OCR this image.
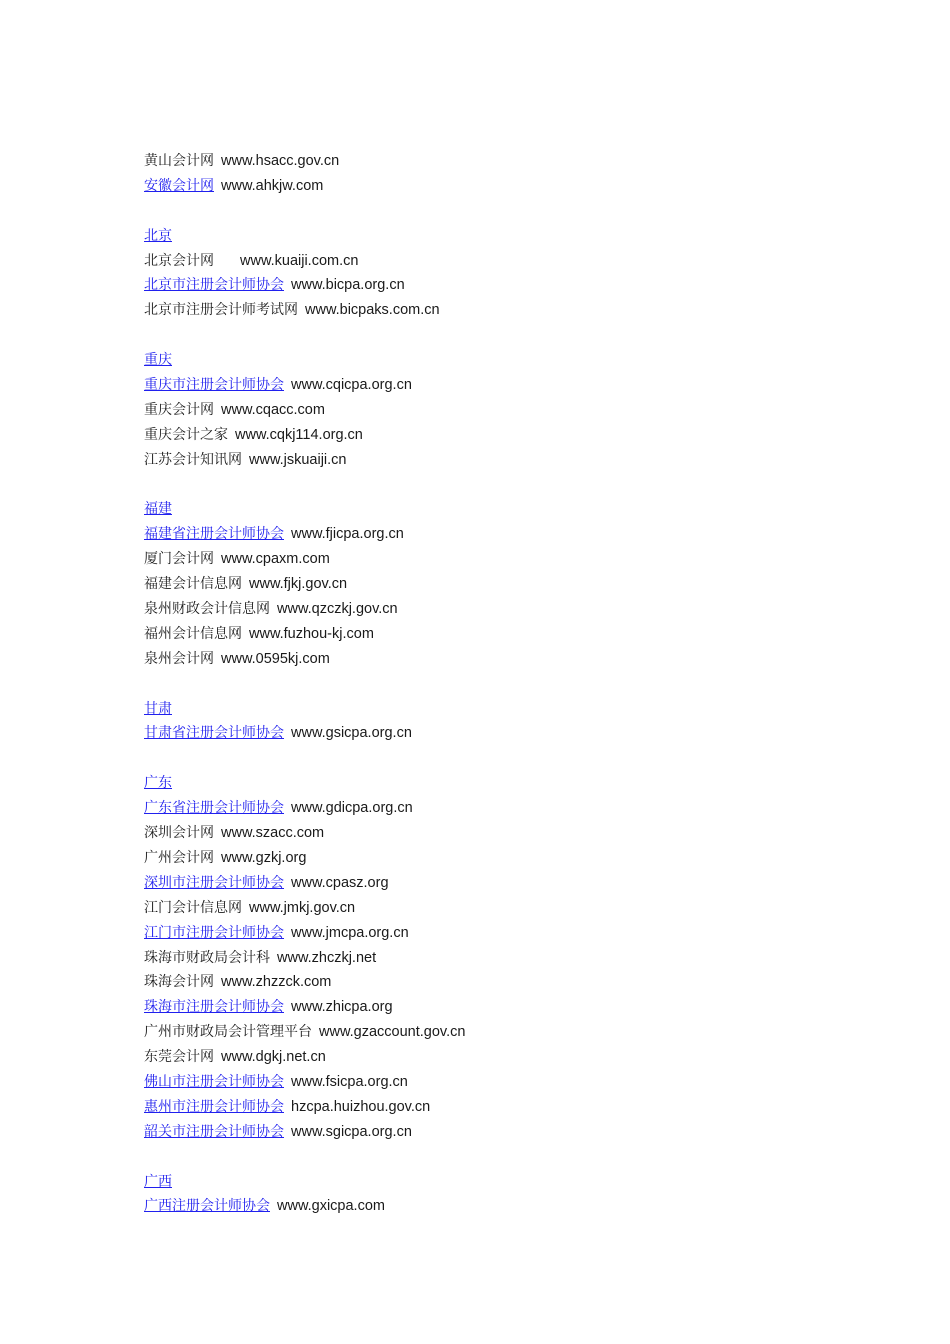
黄山会计网 www.hsacc.gov.cn
安徽会计网 www.ahkjw.com
北京
北京会计网 www.kuaiji.com.cn
北京市注册会计师协会 www.bicpa.org.cn
北京市注册会计师考试网 www.bicpaks.com.cn
重庆
重庆市注册会计师协会 www.cqicpa.org.cn
重庆会计网 www.cqacc.com
重庆会计之家 www.cqkj114.org.cn
江苏会计知讯网 www.jskuaiji.cn
福建
福建省注册会计师协会 www.fjicpa.org.cn
厦门会计网 www.cpaxm.com
福建会计信息网 www.fjkj.gov.cn
泉州财政会计信息网 www.qzczkj.gov.cn
福州会计信息网 www.fuzhou-kj.com
泉州会计网 www.0595kj.com
甘肃
甘肃省注册会计师协会 www.gsicpa.org.cn
广东
广东省注册会计师协会 www.gdicpa.org.cn
深圳会计网 www.szacc.com
广州会计网 www.gzkj.org
深圳市注册会计师协会 www.cpasz.org
江门会计信息网 www.jmkj.gov.cn
江门市注册会计师协会 www.jmcpa.org.cn
珠海市财政局会计科 www.zhczkj.net
珠海会计网 www.zhzzck.com
珠海市注册会计师协会 www.zhicpa.org
广州市财政局会计管理平台 www.gzaccount.gov.cn
东莞会计网 www.dgkj.net.cn
佛山市注册会计师协会 www.fsicpa.org.cn
惠州市注册会计师协会 hzcpa.huizhou.gov.cn
韶关市注册会计师协会 www.sgicpa.org.cn
广西
广西注册会计师协会 www.gxicpa.com
